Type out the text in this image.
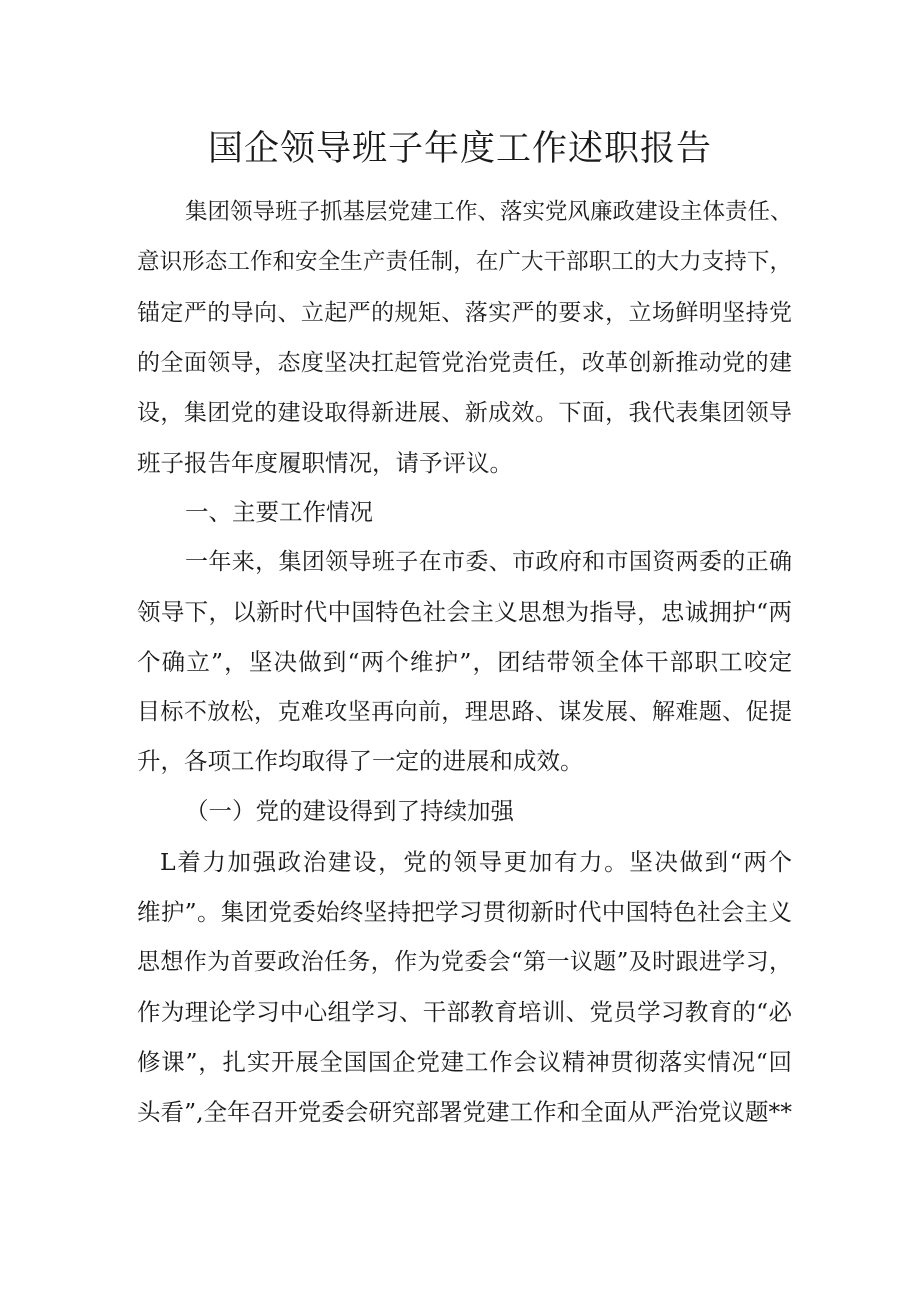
国企领导班子年度工作述职报告
集团领导班子抓基层党建工作、落实党风廉政建设主体责任、
意识形态工作和安全生产责任制，在广大干部职工的大力支持下，
锚定严的导向、立起严的规矩、落实严的要求，立场鲜明坚持党
的全面领导，态度坚决扛起管党治党责任，改革创新推动党的建
设，集团党的建设取得新进展、新成效。下面，我代表集团领导
班子报告年度履职情况，请予评议。
一、主要工作情况
一年来，集团领导班子在市委、市政府和市国资两委的正确
领导下，以新时代中国特色社会主义思想为指导，忠诚拥护“两
个确立”，坚决做到“两个维护”，团结带领全体干部职工咬定
目标不放松，克难攻坚再向前，理思路、谋发展、解难题、促提
升，各项工作均取得了一定的进展和成效。
（一）党的建设得到了持续加强
L着力加强政治建设，党的领导更加有力。坚决做到“两个
维护”。集团党委始终坚持把学习贯彻新时代中国特色社会主义
思想作为首要政治任务，作为党委会“第一议题”及时跟进学习，
作为理论学习中心组学习、干部教育培训、党员学习教育的“必
修课”，扎实开展全国国企党建工作会议精神贯彻落实情况“回
头看”,全年召开党委会研究部署党建工作和全面从严治党议题**
